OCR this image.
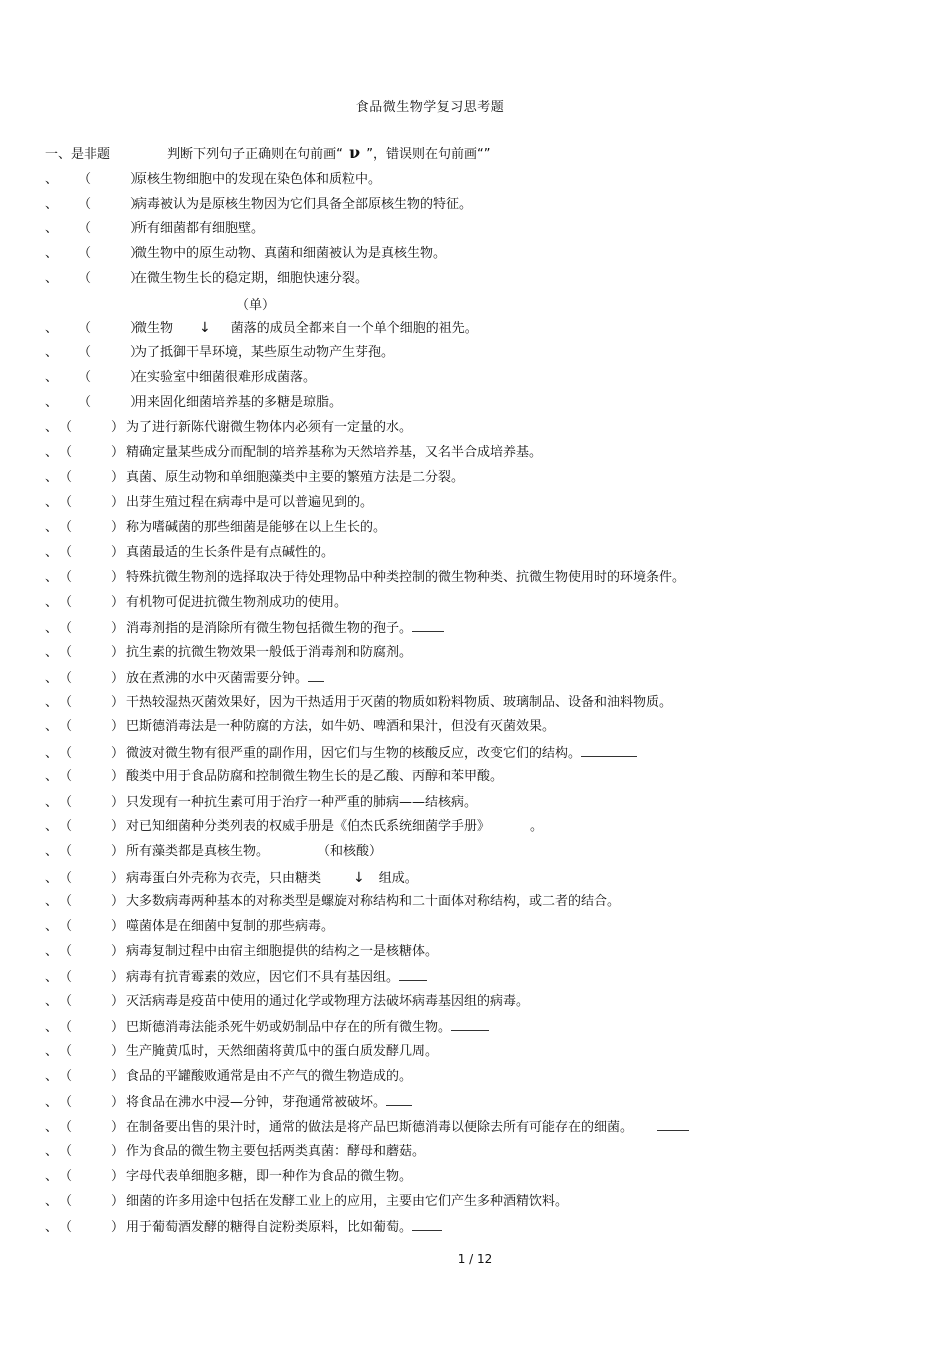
食品微生物学复习思考题
一、是非题	判断下列句子正确则在句前画“ ν ”，错误则在句前画“”
、 （　　　）原核生物细胞中的发现在染色体和质粒中。
、 （　　　）病毒被认为是原核生物因为它们具备全部原核生物的特征。
、 （　　　）所有细菌都有细胞壁。
、 （　　　）微生物中的原生动物、真菌和细菌被认为是真核生物。
、 （　　　）在微生物生长的稳定期，细胞快速分裂。
（单）
、 （　　　）微生物 ↓ 菌落的成员全都来自一个单个细胞的祖先。
、 （　　　）为了抵御干旱环境，某些原生动物产生芽孢。
、 （　　　）在实验室中细菌很难形成菌落。
、 （　　　）用来固化细菌培养基的多糖是琼脂。
、（　　　） 为了进行新陈代谢微生物体内必须有一定量的水。
、（　　　） 精确定量某些成分而配制的培养基称为天然培养基，又名半合成培养基。
、（　　　） 真菌、原生动物和单细胞藻类中主要的繁殖方法是二分裂。
、（　　　） 出芽生殖过程在病毒中是可以普遍见到的。
、（　　　） 称为嗜碱菌的那些细菌是能够在以上生长的。
、（　　　） 真菌最适的生长条件是有点碱性的。
、（　　　） 特殊抗微生物剂的选择取决于待处理物品中种类控制的微生物种类、抗微生物使用时的环境条件。
、（　　　） 有机物可促进抗微生物剂成功的使用。
、（　　　） 消毒剂指的是消除所有微生物包括微生物的孢子。
、（　　　） 抗生素的抗微生物效果一般低于消毒剂和防腐剂。
、（　　　） 放在煮沸的水中灭菌需要分钟。
、（　　　） 干热较湿热灭菌效果好，因为干热适用于灭菌的物质如粉料物质、玻璃制品、设备和油料物质。
、（　　　） 巴斯德消毒法是一种防腐的方法，如牛奶、啤酒和果汁，但没有灭菌效果。
、（　　　） 微波对微生物有很严重的副作用，因它们与生物的核酸反应，改变它们的结构。
、（　　　） 酸类中用于食品防腐和控制微生物生长的是乙酸、丙醇和苯甲酸。
、（　　　） 只发现有一种抗生素可用于治疗一种严重的肺病——结核病。
、（　　　） 对已知细菌种分类列表的权威手册是《伯杰氏系统细菌学手册》	。
、（　　　） 所有藻类都是真核生物。	（和核酸）
、（　　　） 病毒蛋白外壳称为衣壳，只由糖类 ↓ 组成。
、（　　　） 大多数病毒两种基本的对称类型是螺旋对称结构和二十面体对称结构，或二者的结合。
、（　　　） 噬菌体是在细菌中复制的那些病毒。
、（　　　） 病毒复制过程中由宿主细胞提供的结构之一是核糖体。
、（　　　） 病毒有抗青霉素的效应，因它们不具有基因组。
、（　　　） 灭活病毒是疫苗中使用的通过化学或物理方法破坏病毒基因组的病毒。
、（　　　） 巴斯德消毒法能杀死牛奶或奶制品中存在的所有微生物。
、（　　　） 生产腌黄瓜时，天然细菌将黄瓜中的蛋白质发酵几周。
、（　　　） 食品的平罐酸败通常是由不产气的微生物造成的。
、（　　　） 将食品在沸水中浸—分钟，芽孢通常被破坏。
、（　　　） 在制备要出售的果汁时，通常的做法是将产品巴斯德消毒以便除去所有可能存在的细菌。
、（　　　） 作为食品的微生物主要包括两类真菌：酵母和蘑菇。
、（　　　） 字母代表单细胞多糖，即一种作为食品的微生物。
、（　　　） 细菌的许多用途中包括在发酵工业上的应用，主要由它们产生多种酒精饮料。
、（　　　） 用于葡萄酒发酵的糖得自淀粉类原料，比如葡萄。
1 / 12
